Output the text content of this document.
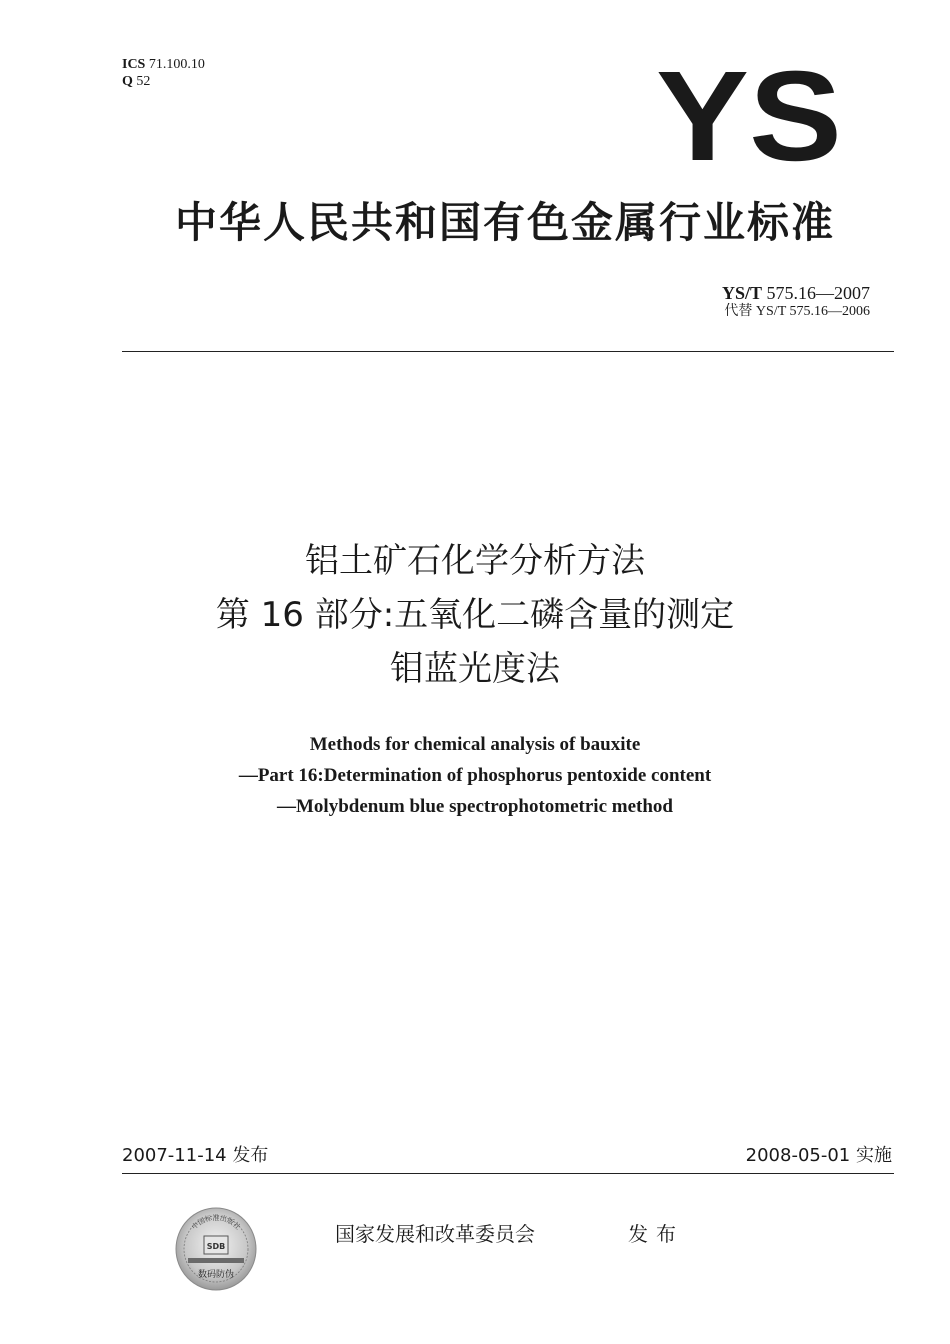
ICS 71.100.10
Q 52	YS
中华人民共和国有色金属行业标准
YS/T 575.16—2007
代替 YS/T 575.16—2006
铝土矿石化学分析方法
第 16 部分:五氧化二磷含量的测定
钼蓝光度法
Methods for chemical analysis of bauxite
—Part 16:Determination of phosphorus pentoxide content
—Molybdenum blue spectrophotometric method
2007-11-14 发布	2008-05-01 实施
中国标准出版社
SDB
数码防伪
国家发展和改革委员会	发布
